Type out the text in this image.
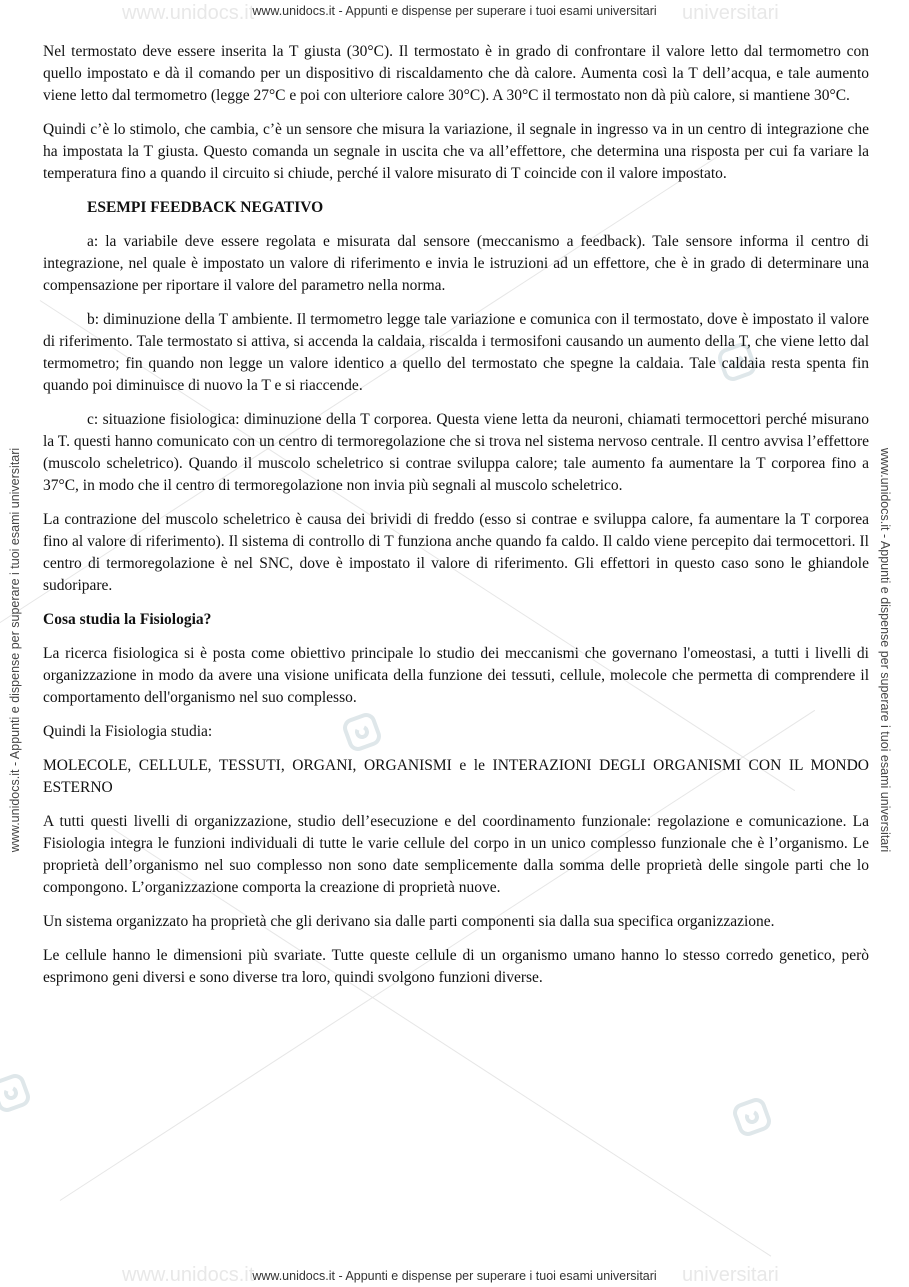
www.unidocs.it	universitari
www.unidocs.it	universitari
www.unidocs.it - Appunti e dispense per superare i tuoi esami universitari
www.unidocs.it - Appunti e dispense per superare i tuoi esami universitari
www.unidocs.it - Appunti e dispense per superare i tuoi esami universitari	www.unidocs.it - Appunti e dispense per superare i tuoi esami universitari

Nel termostato deve essere inserita la T giusta (30°C). Il termostato è in grado di confrontare il valore letto dal termometro con quello impostato e dà il comando per un dispositivo di riscaldamento che dà calore. Aumenta così la T dell’acqua, e tale aumento viene letto dal termometro (legge 27°C e poi con ulteriore calore 30°C). A 30°C il termostato non dà più calore, si mantiene 30°C.

Quindi c’è lo stimolo, che cambia, c’è un sensore che misura la variazione, il segnale in ingresso va in un centro di integrazione che ha impostata la T giusta. Questo comanda un segnale in uscita che va all’effettore, che determina una risposta per cui fa variare la temperatura fino a quando il circuito si chiude, perché il valore misurato di T coincide con il valore impostato.

ESEMPI FEEDBACK NEGATIVO

a: la variabile deve essere regolata e misurata dal sensore (meccanismo a feedback). Tale sensore informa il centro di integrazione, nel quale è impostato un valore di riferimento e invia le istruzioni ad un effettore, che è in grado di determinare una compensazione per riportare il valore del parametro nella norma.

b: diminuzione della T ambiente. Il termometro legge tale variazione e comunica con il termostato, dove è impostato il valore di riferimento. Tale termostato si attiva, si accenda la caldaia, riscalda i termosifoni causando un aumento della T, che viene letto dal termometro; fin quando non legge un valore identico a quello del termostato che spegne la caldaia. Tale caldaia resta spenta fin quando poi diminuisce di nuovo la T e si riaccende.

c: situazione fisiologica: diminuzione della T corporea. Questa viene letta da neuroni, chiamati termocettori perché misurano la T. questi hanno comunicato con un centro di termoregolazione che si trova nel sistema nervoso centrale. Il centro avvisa l’effettore (muscolo scheletrico). Quando il muscolo scheletrico si contrae sviluppa calore; tale aumento fa aumentare la T corporea fino a 37°C, in modo che il centro di termoregolazione non invia più segnali al muscolo scheletrico.

La contrazione del muscolo scheletrico è causa dei brividi di freddo (esso si contrae e sviluppa calore, fa aumentare la T corporea fino al valore di riferimento). Il sistema di controllo di T funziona anche quando fa caldo. Il caldo viene percepito dai termocettori. Il centro di termoregolazione è nel SNC, dove è impostato il valore di riferimento. Gli effettori in questo caso sono le ghiandole sudoripare.

Cosa studia la Fisiologia?

La ricerca fisiologica si è posta come obiettivo principale lo studio dei meccanismi che governano l'omeostasi, a tutti i livelli di organizzazione in modo da avere una visione unificata della funzione dei tessuti, cellule, molecole che permetta di comprendere il comportamento dell'organismo nel suo complesso.

Quindi la Fisiologia studia:

MOLECOLE, CELLULE, TESSUTI, ORGANI, ORGANISMI e le INTERAZIONI DEGLI ORGANISMI CON IL MONDO ESTERNO

A tutti questi livelli di organizzazione, studio dell’esecuzione e del coordinamento funzionale: regolazione e comunicazione. La Fisiologia integra le funzioni individuali di tutte le varie cellule del corpo in un unico complesso funzionale che è l’organismo. Le proprietà dell’organismo nel suo complesso non sono date semplicemente dalla somma delle proprietà delle singole parti che lo compongono. L’organizzazione comporta la creazione di proprietà nuove.

Un sistema organizzato ha proprietà che gli derivano sia dalle parti componenti sia dalla sua specifica organizzazione.

Le cellule hanno le dimensioni più svariate. Tutte queste cellule di un organismo umano hanno lo stesso corredo genetico, però esprimono geni diversi e sono diverse tra loro, quindi svolgono funzioni diverse.
